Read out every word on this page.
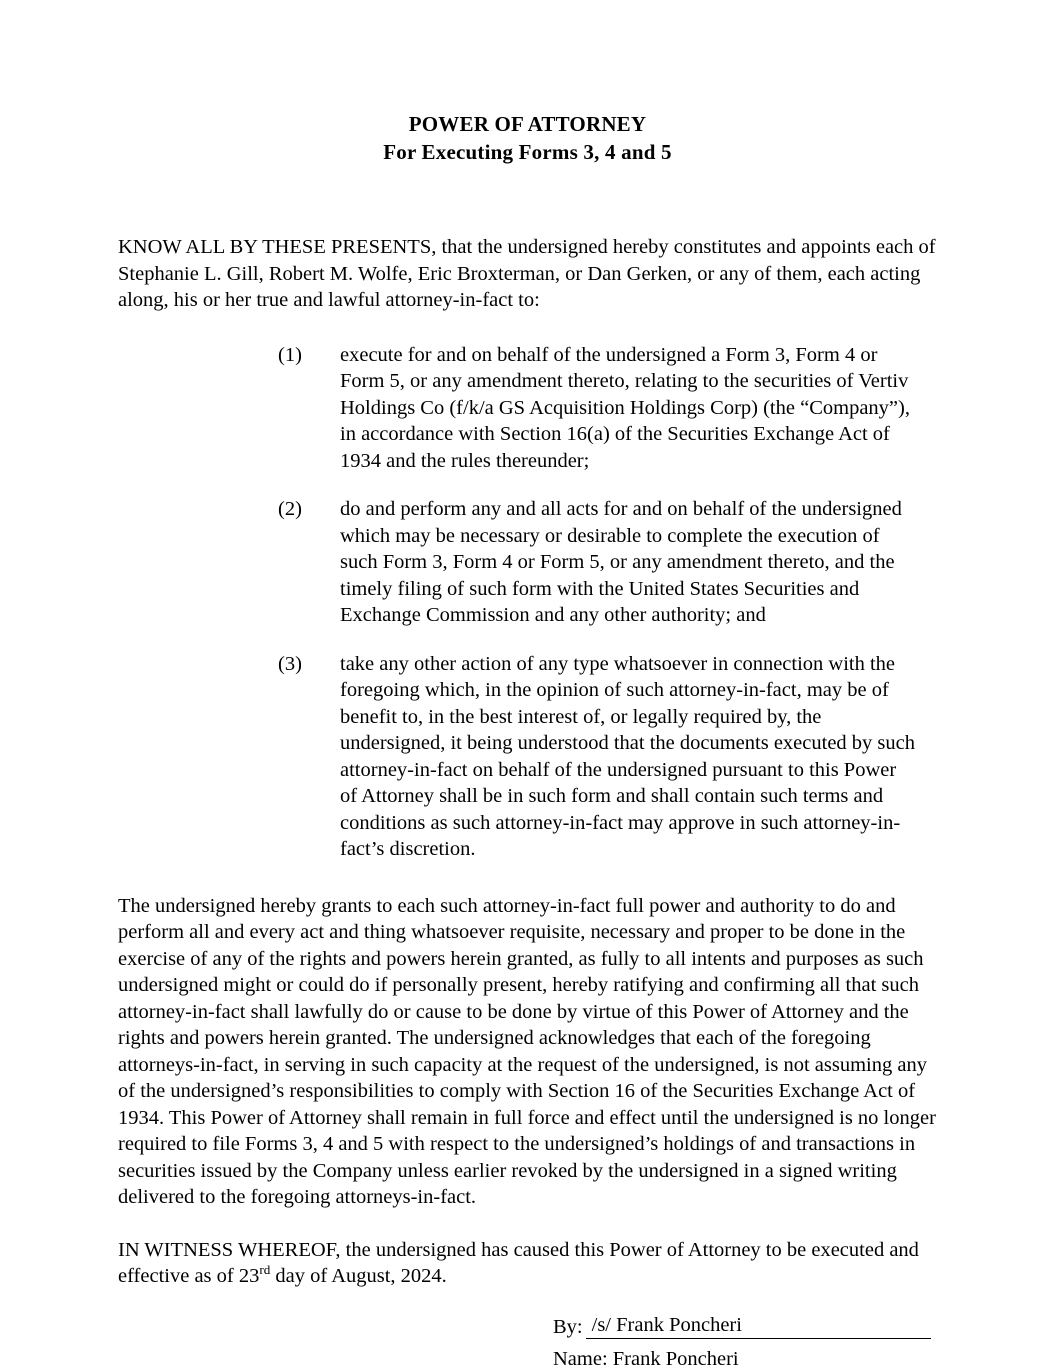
POWER OF ATTORNEY
For Executing Forms 3, 4 and 5

KNOW ALL BY THESE PRESENTS, that the undersigned hereby constitutes and appoints each of Stephanie L. Gill, Robert M. Wolfe, Eric Broxterman, or Dan Gerken, or any of them, each acting along, his or her true and lawful attorney-in-fact to:

(1)	execute for and on behalf of the undersigned a Form 3, Form 4 or Form 5, or any amendment thereto, relating to the securities of Vertiv Holdings Co (f/k/a GS Acquisition Holdings Corp) (the “Company”), in accordance with Section 16(a) of the Securities Exchange Act of 1934 and the rules thereunder;
(2)	do and perform any and all acts for and on behalf of the undersigned which may be necessary or desirable to complete the execution of such Form 3, Form 4 or Form 5, or any amendment thereto, and the timely filing of such form with the United States Securities and Exchange Commission and any other authority; and
(3)	take any other action of any type whatsoever in connection with the foregoing which, in the opinion of such attorney-in-fact, may be of benefit to, in the best interest of, or legally required by, the undersigned, it being understood that the documents executed by such attorney-in-fact on behalf of the undersigned pursuant to this Power of Attorney shall be in such form and shall contain such terms and conditions as such attorney-in-fact may approve in such attorney-in-fact’s discretion.

The undersigned hereby grants to each such attorney-in-fact full power and authority to do and perform all and every act and thing whatsoever requisite, necessary and proper to be done in the exercise of any of the rights and powers herein granted, as fully to all intents and purposes as such undersigned might or could do if personally present, hereby ratifying and confirming all that such attorney-in-fact shall lawfully do or cause to be done by virtue of this Power of Attorney and the rights and powers herein granted. The undersigned acknowledges that each of the foregoing attorneys-in-fact, in serving in such capacity at the request of the undersigned, is not assuming any of the undersigned’s responsibilities to comply with Section 16 of the Securities Exchange Act of 1934. This Power of Attorney shall remain in full force and effect until the undersigned is no longer required to file Forms 3, 4 and 5 with respect to the undersigned’s holdings of and transactions in securities issued by the Company unless earlier revoked by the undersigned in a signed writing delivered to the foregoing attorneys-in-fact.

IN WITNESS WHEREOF, the undersigned has caused this Power of Attorney to be executed and effective as of 23rd day of August, 2024.

By: /s/ Frank Poncheri
Name: Frank Poncheri
